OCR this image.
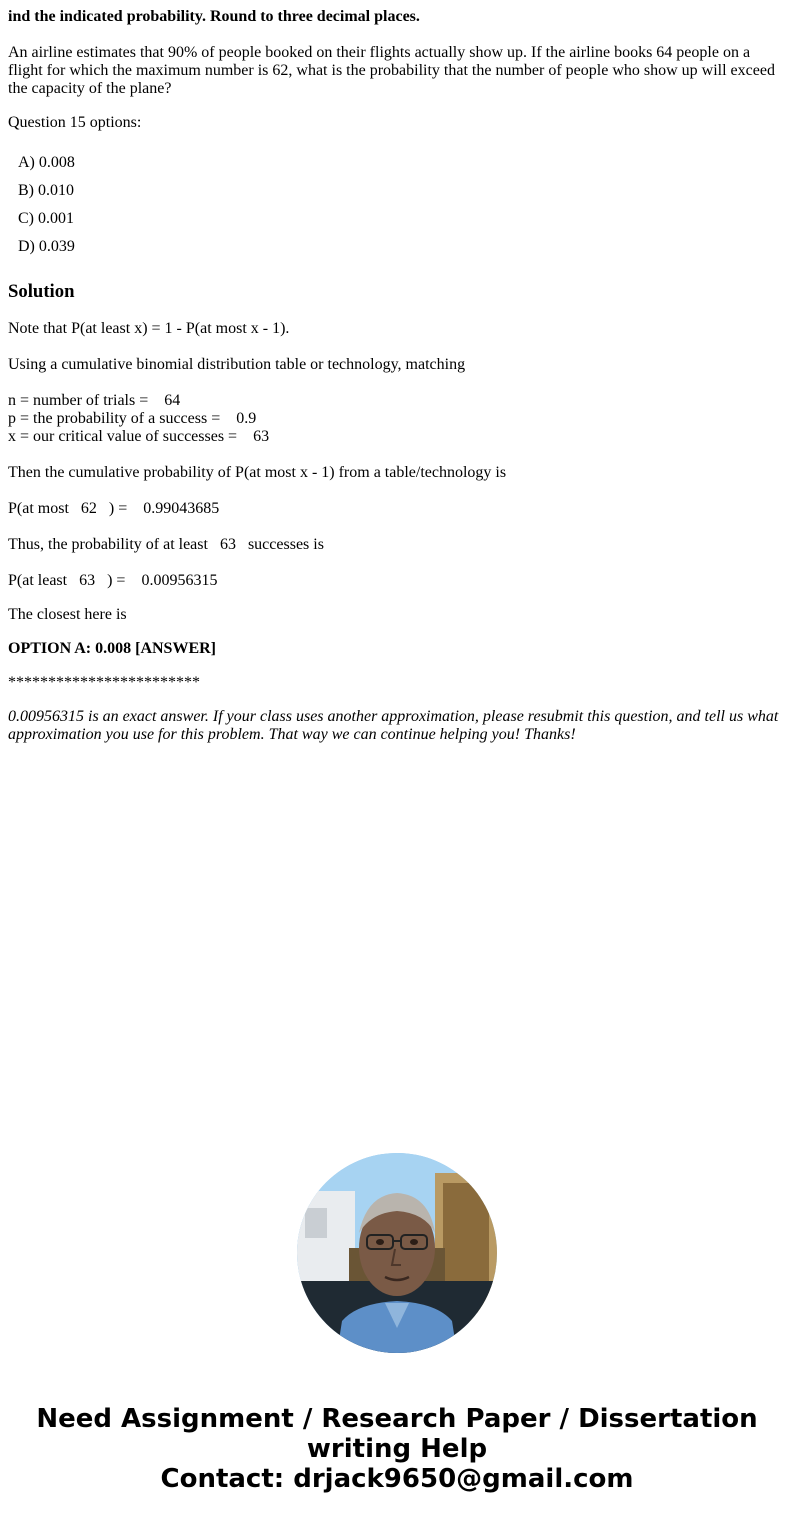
ind the indicated probability. Round to three decimal places.
An airline estimates that 90% of people booked on their flights actually show up. If the airline books 64 people on a flight for which the maximum number is 62, what is the probability that the number of people who show up will exceed the capacity of the plane?
Question 15 options:
A) 0.008
B) 0.010
C) 0.001
D) 0.039
Solution
Note that P(at least x) = 1 - P(at most x - 1).
Using a cumulative binomial distribution table or technology, matching
n = number of trials =    64
p = the probability of a success =    0.9
x = our critical value of successes =    63
Then the cumulative probability of P(at most x - 1) from a table/technology is
P(at most   62   ) =    0.99043685
Thus, the probability of at least   63   successes is
P(at least   63   ) =    0.00956315
The closest here is
OPTION A: 0.008 [ANSWER]
************************
0.00956315 is an exact answer. If your class uses another approximation, please resubmit this question, and tell us what approximation you use for this problem. That way we can continue helping you! Thanks!
Need Assignment / Research Paper / Dissertation
writing Help
Contact: drjack9650@gmail.com
